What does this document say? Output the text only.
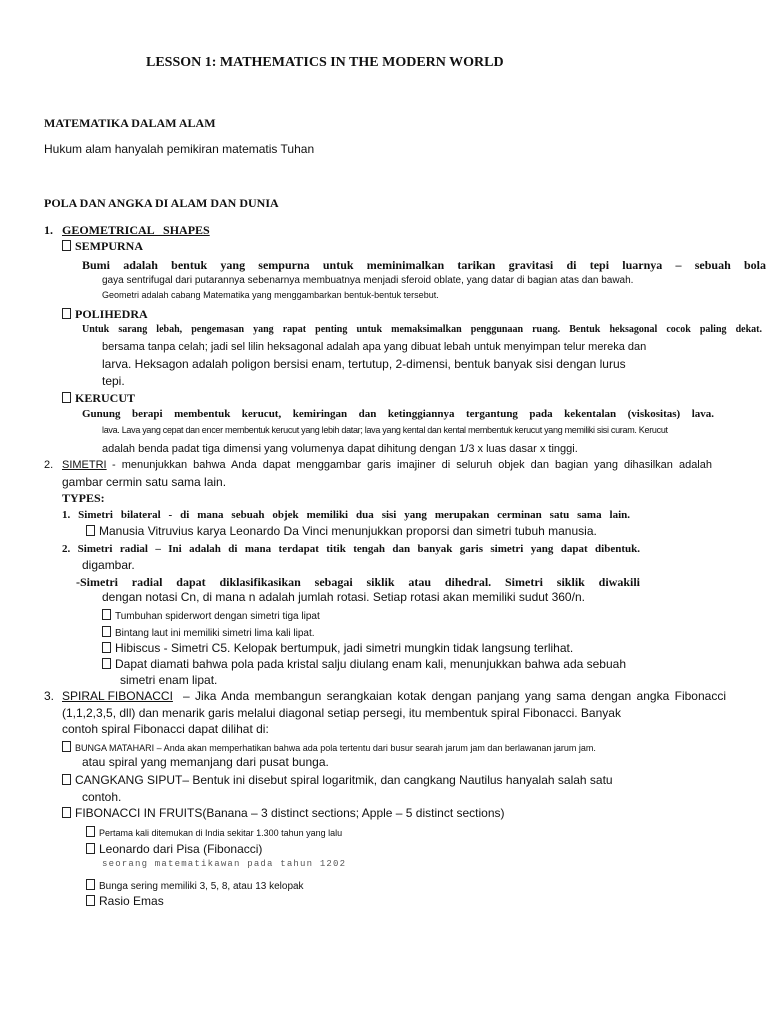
LESSON 1: MATHEMATICS IN THE MODERN WORLD
MATEMATIKA DALAM ALAM
Hukum alam hanyalah pemikiran matematis Tuhan
POLA DAN ANGKA DI ALAM DAN DUNIA
1. GEOMETRICAL SHAPES
SEMPURNA
Bumi adalah bentuk yang sempurna untuk meminimalkan tarikan gravitasi di tepi luarnya – sebuah bola
gaya sentrifugal dari putarannya sebenarnya membuatnya menjadi sferoid oblate, yang datar di bagian atas dan bawah.
Geometri adalah cabang Matematika yang menggambarkan bentuk-bentuk tersebut.
POLIHEDRA
Untuk sarang lebah, pengemasan yang rapat penting untuk memaksimalkan penggunaan ruang. Bentuk heksagonal cocok paling dekat.
bersama tanpa celah; jadi sel lilin heksagonal adalah apa yang dibuat lebah untuk menyimpan telur mereka dan
larva. Heksagon adalah poligon bersisi enam, tertutup, 2-dimensi, bentuk banyak sisi dengan lurus
tepi.
KERUCUT
Gunung berapi membentuk kerucut, kemiringan dan ketinggiannya tergantung pada kekentalan (viskositas) lava.
lava. Lava yang cepat dan encer membentuk kerucut yang lebih datar; lava yang kental dan kental membentuk kerucut yang memiliki sisi curam. Kerucut
adalah benda padat tiga dimensi yang volumenya dapat dihitung dengan 1/3 x luas dasar x tinggi.
2. SIMETRI - menunjukkan bahwa Anda dapat menggambar garis imajiner di seluruh objek dan bagian yang dihasilkan adalah
gambar cermin satu sama lain.
TYPES:
1. Simetri bilateral - di mana sebuah objek memiliki dua sisi yang merupakan cerminan satu sama lain.
Manusia Vitruvius karya Leonardo Da Vinci menunjukkan proporsi dan simetri tubuh manusia.
2. Simetri radial – Ini adalah di mana terdapat titik tengah dan banyak garis simetri yang dapat dibentuk.
digambar.
-Simetri radial dapat diklasifikasikan sebagai siklik atau dihedral. Simetri siklik diwakili
dengan notasi Cn, di mana n adalah jumlah rotasi. Setiap rotasi akan memiliki sudut 360/n.
Tumbuhan spiderwort dengan simetri tiga lipat
Bintang laut ini memiliki simetri lima kali lipat.
Hibiscus - Simetri C5. Kelopak bertumpuk, jadi simetri mungkin tidak langsung terlihat.
Dapat diamati bahwa pola pada kristal salju diulang enam kali, menunjukkan bahwa ada sebuah
simetri enam lipat.
3. SPIRAL FIBONACCI – Jika Anda membangun serangkaian kotak dengan panjang yang sama dengan angka Fibonacci
(1,1,2,3,5, dll) dan menarik garis melalui diagonal setiap persegi, itu membentuk spiral Fibonacci. Banyak
contoh spiral Fibonacci dapat dilihat di:
BUNGA MATAHARI – Anda akan memperhatikan bahwa ada pola tertentu dari busur searah jarum jam dan berlawanan jarum jam.
atau spiral yang memanjang dari pusat bunga.
CANGKANG SIPUT– Bentuk ini disebut spiral logaritmik, dan cangkang Nautilus hanyalah salah satu
contoh.
FIBONACCI IN FRUITS(Banana – 3 distinct sections; Apple – 5 distinct sections)
Pertama kali ditemukan di India sekitar 1.300 tahun yang lalu
Leonardo dari Pisa (Fibonacci)
seorang matematikawan pada tahun 1202
Bunga sering memiliki 3, 5, 8, atau 13 kelopak
Rasio Emas
